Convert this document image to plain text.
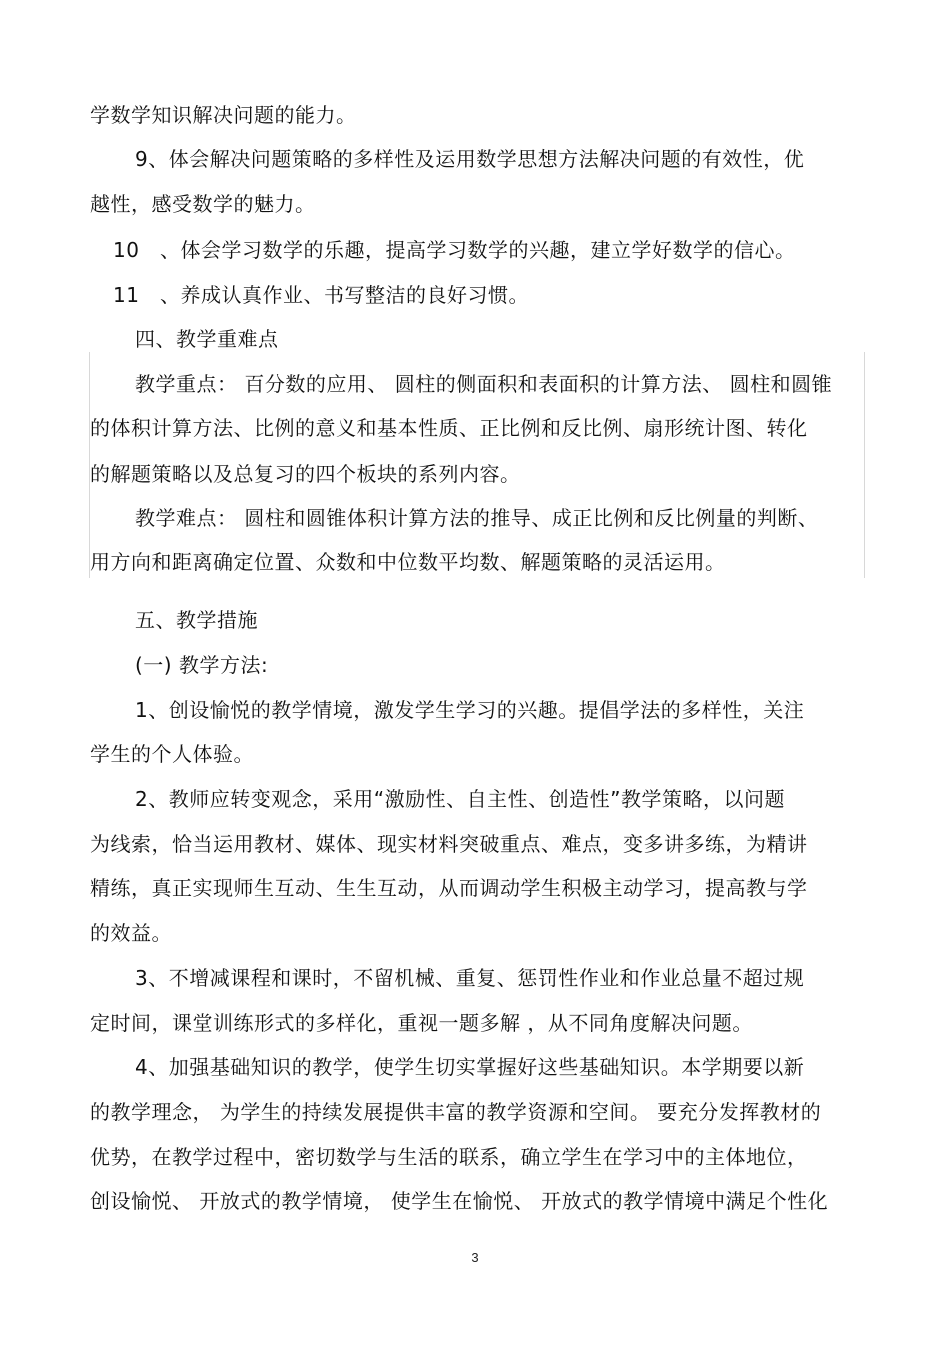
学数学知识解决问题的能力。
9、体会解决问题策略的多样性及运用数学思想方法解决问题的有效性，优
越性，感受数学的魅力。
10　、体会学习数学的乐趣，提高学习数学的兴趣，建立学好数学的信心。
11　、养成认真作业、书写整洁的良好习惯。
四、教学重难点
教学重点： 百分数的应用、 圆柱的侧面积和表面积的计算方法、 圆柱和圆锥
的体积计算方法、比例的意义和基本性质、正比例和反比例、扇形统计图、转化
的解题策略以及总复习的四个板块的系列内容。
教学难点： 圆柱和圆锥体积计算方法的推导、成正比例和反比例量的判断、
用方向和距离确定位置、众数和中位数平均数、解题策略的灵活运用。
五、教学措施
(一) 教学方法:
1、创设愉悦的教学情境，激发学生学习的兴趣。提倡学法的多样性，关注
学生的个人体验。
2、教师应转变观念，采用“激励性、自主性、创造性”教学策略，以问题
为线索，恰当运用教材、媒体、现实材料突破重点、难点，变多讲多练，为精讲
精练，真正实现师生互动、生生互动，从而调动学生积极主动学习，提高教与学
的效益。
3、不增减课程和课时，不留机械、重复、惩罚性作业和作业总量不超过规
定时间，课堂训练形式的多样化，重视一题多解 ，从不同角度解决问题。
4、加强基础知识的教学，使学生切实掌握好这些基础知识。本学期要以新
的教学理念， 为学生的持续发展提供丰富的教学资源和空间。 要充分发挥教材的
优势，在教学过程中，密切数学与生活的联系，确立学生在学习中的主体地位，
创设愉悦、 开放式的教学情境， 使学生在愉悦、 开放式的教学情境中满足个性化
3
